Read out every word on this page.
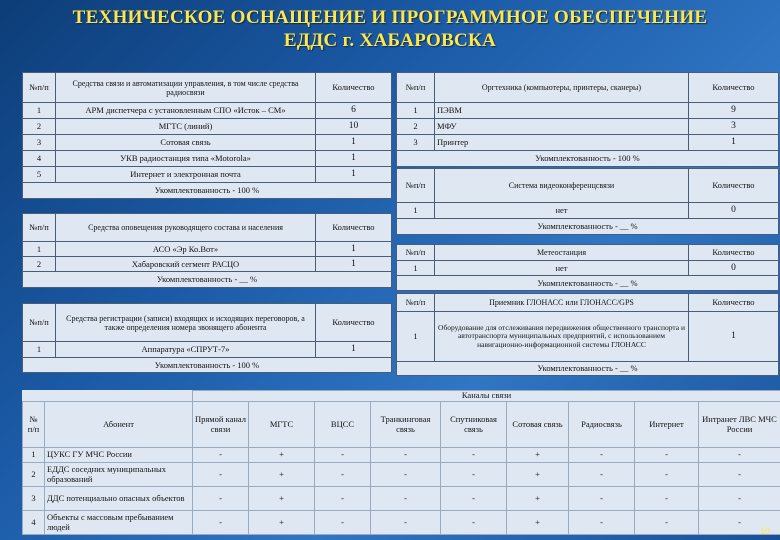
ТЕХНИЧЕСКОЕ ОСНАЩЕНИЕ И ПРОГРАММНОЕ ОБЕСПЕЧЕНИЕ
ЕДДС г. ХАБАРОВСКА
№п/п	Средства связи и автоматизации управления, в том числе средства радиосвязи	Количество
1	АРМ диспетчера с установленным СПО «Исток – СМ»	6
2	МГТС (линий)	10
3	Сотовая связь	1
4	УКВ радиостанция типа «Motorola»	1
5	Интернет и электронная почта	1
Укомплектованность - 100 %		
№п/п	Средства оповещения руководящего состава и населения	Количество
1	АСО «Эр Ко.Вот»	1
2	Хабаровский сегмент РАСЦО	1
Укомплектованность - __ %		
№п/п	Средства регистрации (записи) входящих и исходящих переговоров, а также определения номера звонящего абонента	Количество
1	Аппаратура «СПРУТ-7»	1
Укомплектованность - 100 %		
№п/п	Оргтехника (компьютеры, принтеры, сканеры)	Количество
1	ПЭВМ	9
2	МФУ	3
3	Принтер	1
Укомплектованность - 100 %		
№п/п	Система видеоконференцсвязи	Количество
1	нет	0
Укомплектованность - __ %		
№п/п	Метеостанция	Количество
1	нет	0
Укомплектованность - __ %		
№п/п	Приемник ГЛОНАСС или ГЛОНАСС/GPS	Количество
1	Оборудование для отслеживания передвижения общественного транспорта и автотранспорта муниципальных предприятий, с использованием навигационно-информационной системы ГЛОНАСС	1
Укомплектованность - __ %		
		Каналы связи								
№ п/п	Абонент	Прямой канал связи	МГТС	ВЦСС	Транкинговая связь	Спутниковая связь	Сотовая связь	Радиосвязь	Интернет	Интранет ЛВС МЧС России
1	ЦУКС ГУ МЧС России	-	+	-	-	-	+	-	-	-
2	ЕДДС соседних муниципальных образований	-	+	-	-	-	+	-	-	-
3	ДДС потенциально опасных объектов	-	+	-	-	-	+	-	-	-
4	Объекты с массовым пребыванием людей	-	+	-	-	-	+	-	-	-
10
